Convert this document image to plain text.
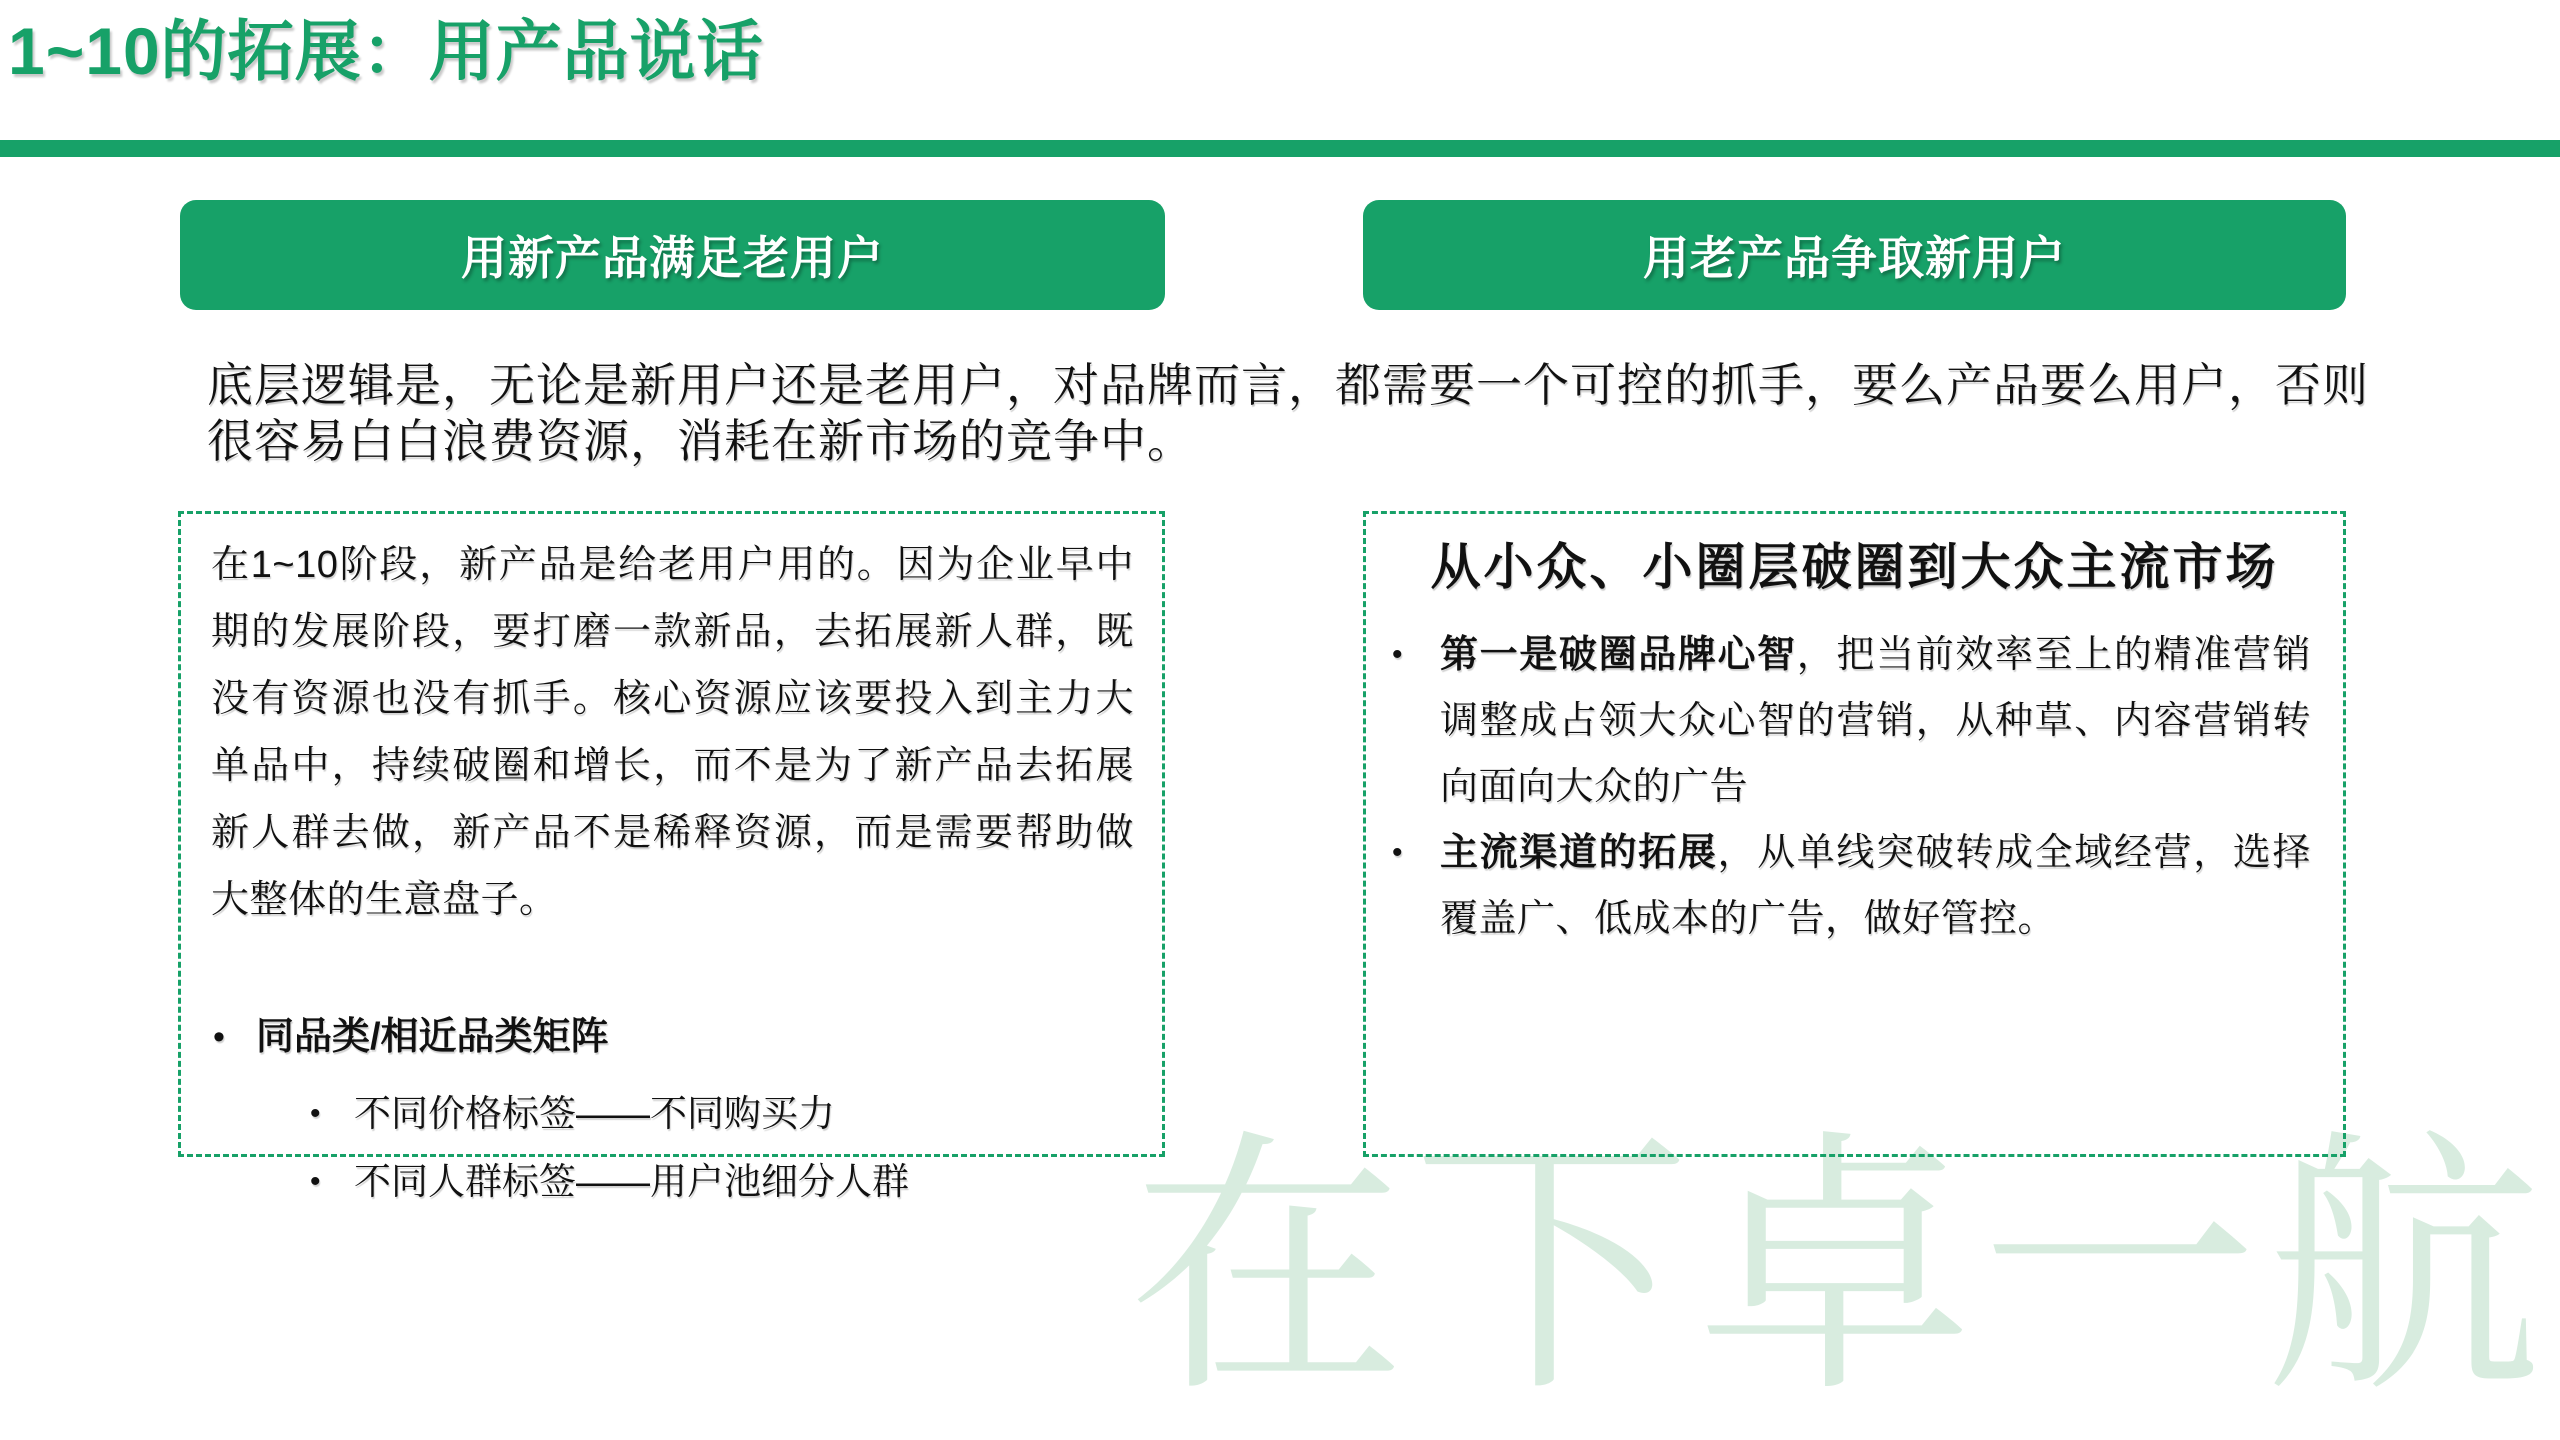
1~10的拓展：用产品说话
用新产品满足老用户	用老产品争取新用户

底层逻辑是，无论是新用户还是老用户，对品牌而言，都需要一个可控的抓手，要么产品要么用户，否则很容易白白浪费资源，消耗在新市场的竞争中。

在1~10阶段，新产品是给老用户用的。因为企业早中期的发展阶段，要打磨一款新品，去拓展新人群，既没有资源也没有抓手。核心资源应该要投入到主力大单品中，持续破圈和增长，而不是为了新产品去拓展新人群去做，新产品不是稀释资源，而是需要帮助做大整体的生意盘子。

• 同品类/相近品类矩阵
• 不同价格标签——不同购买力
• 不同人群标签——用户池细分人群
从小众、小圈层破圈到大众主流市场
• 第一是破圈品牌心智，把当前效率至上的精准营销调整成占领大众心智的营销，从种草、内容营销转向面向大众的广告
• 主流渠道的拓展，从单线突破转成全域经营，选择覆盖广、低成本的广告，做好管控。
在下卓一航
